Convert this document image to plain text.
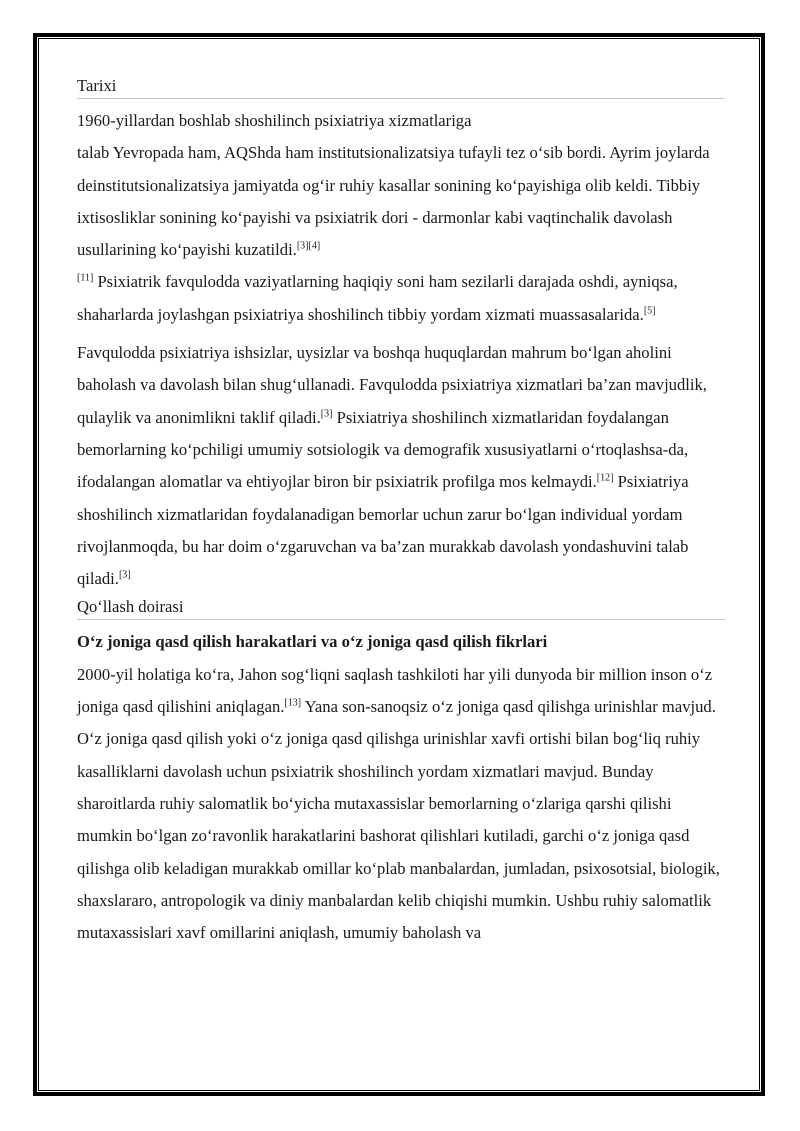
Tarixi

1960-yillardan boshlab shoshilinch psixiatriya xizmatlariga
talab Yevropada ham, AQShda ham institutsionalizatsiya tufayli tez o‘sib bordi. Ayrim joylarda deinstitutsionalizatsiya jamiyatda og‘ir ruhiy kasallar sonining ko‘payishiga olib keldi. Tibbiy ixtisosliklar sonining ko‘payishi va psixiatrik dori - darmonlar kabi vaqtinchalik davolash usullarining ko‘payishi kuzatildi.[3][4]
[11] Psixiatrik favqulodda vaziyatlarning haqiqiy soni ham sezilarli darajada oshdi, ayniqsa, shaharlarda joylashgan psixiatriya shoshilinch tibbiy yordam xizmati muassasalarida.[5]

Favqulodda psixiatriya ishsizlar, uysizlar va boshqa huquqlardan mahrum bo‘lgan aholini baholash va davolash bilan shug‘ullanadi. Favqulodda psixiatriya xizmatlari ba’zan mavjudlik, qulaylik va anonimlikni taklif qiladi.[3] Psixiatriya shoshilinch xizmatlaridan foydalangan bemorlarning ko‘pchiligi umumiy sotsiologik va demografik xususiyatlarni o‘rtoqlashsa-da, ifodalangan alomatlar va ehtiyojlar biron bir psixiatrik profilga mos kelmaydi.[12] Psixiatriya shoshilinch xizmatlaridan foydalanadigan bemorlar uchun zarur bo‘lgan individual yordam rivojlanmoqda, bu har doim o‘zgaruvchan va ba’zan murakkab davolash yondashuvini talab qiladi.[3]

Qo‘llash doirasi
O‘z joniga qasd qilish harakatlari va o‘z joniga qasd qilish fikrlari

2000-yil holatiga ko‘ra, Jahon sog‘liqni saqlash tashkiloti har yili dunyoda bir million inson o‘z joniga qasd qilishini aniqlagan.[13] Yana son-sanoqsiz o‘z joniga qasd qilishga urinishlar mavjud. O‘z joniga qasd qilish yoki o‘z joniga qasd qilishga urinishlar xavfi ortishi bilan bog‘liq ruhiy kasalliklarni davolash uchun psixiatrik shoshilinch yordam xizmatlari mavjud. Bunday sharoitlarda ruhiy salomatlik bo‘yicha mutaxassislar bemorlarning o‘zlariga qarshi qilishi mumkin bo‘lgan zo‘ravonlik harakatlarini bashorat qilishlari kutiladi, garchi o‘z joniga qasd qilishga olib keladigan murakkab omillar ko‘plab manbalardan, jumladan, psixosotsial, biologik, shaxslararo, antropologik va diniy manbalardan kelib chiqishi mumkin. Ushbu ruhiy salomatlik mutaxassislari xavf omillarini aniqlash, umumiy baholash va
